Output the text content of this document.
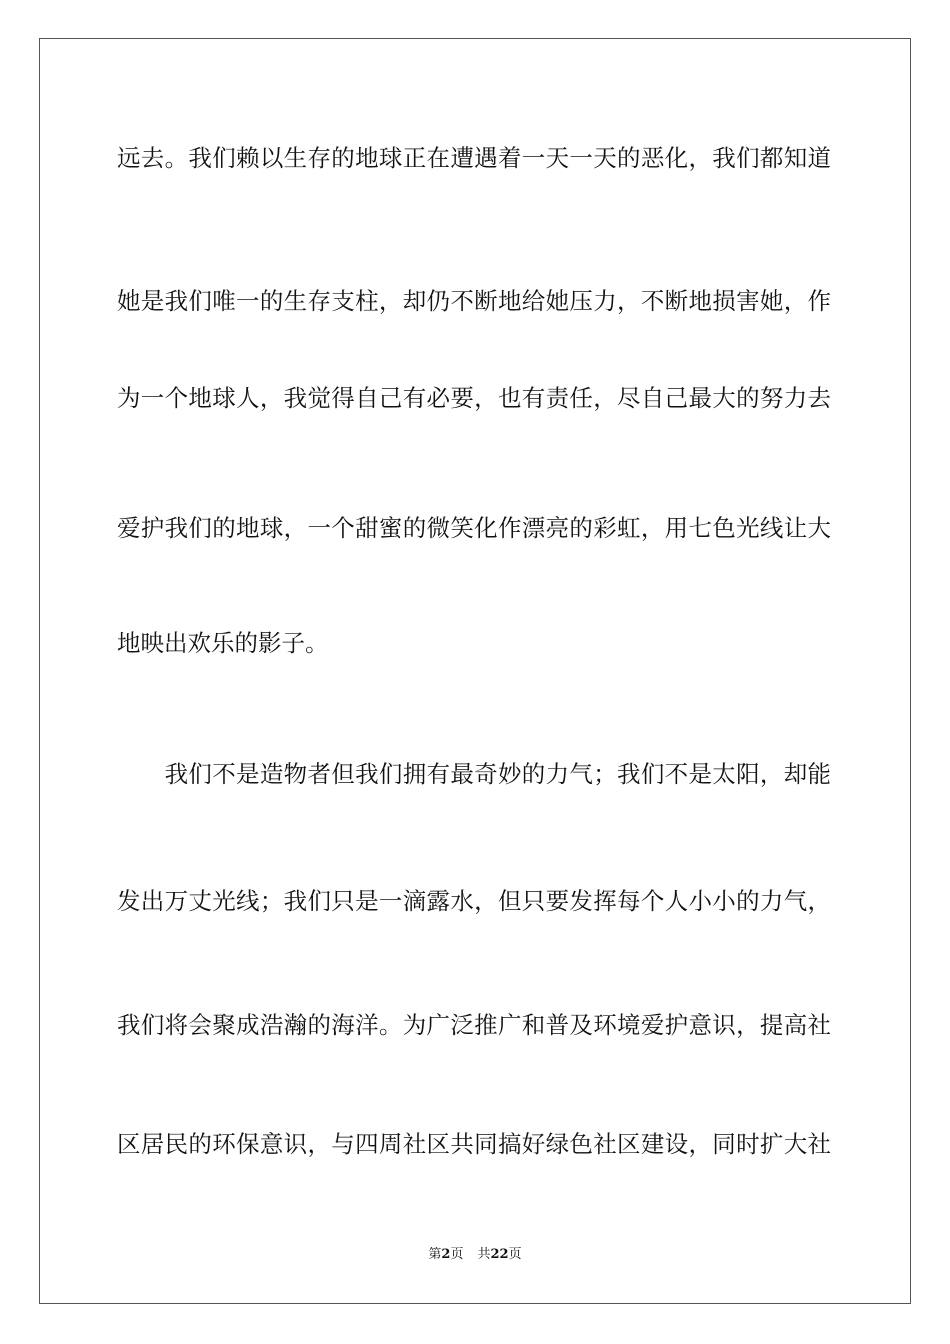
远去。我们赖以生存的地球正在遭遇着一天一天的恶化，我们都知道
她是我们唯一的生存支柱，却仍不断地给她压力，不断地损害她，作
为一个地球人，我觉得自己有必要，也有责任，尽自己最大的努力去
爱护我们的地球，一个甜蜜的微笑化作漂亮的彩虹，用七色光线让大
地映出欢乐的影子。
　　我们不是造物者但我们拥有最奇妙的力气；我们不是太阳，却能
发出万丈光线；我们只是一滴露水，但只要发挥每个人小小的力气，
我们将会聚成浩瀚的海洋。为广泛推广和普及环境爱护意识，提高社
区居民的环保意识，与四周社区共同搞好绿色社区建设，同时扩大社
第2页 共22页
